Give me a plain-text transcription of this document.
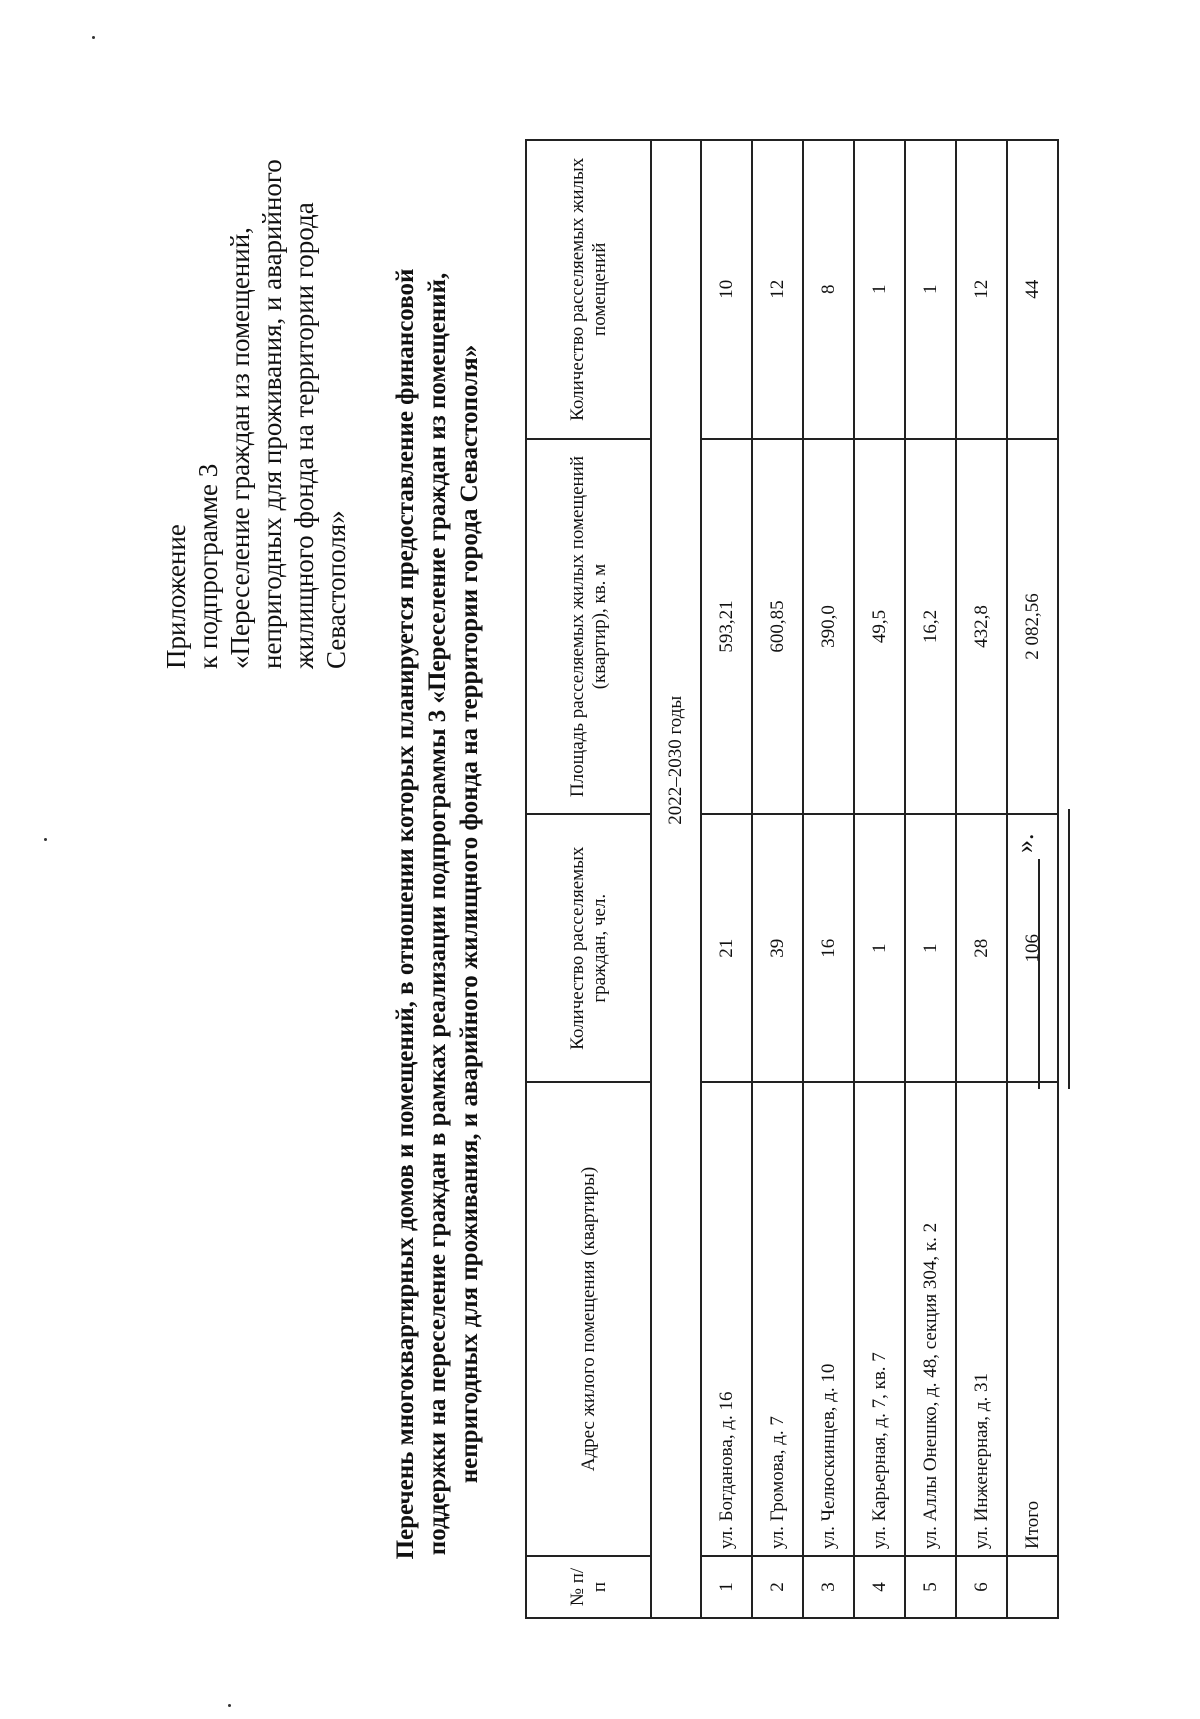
Приложение к подпрограмме 3 «Переселение граждан из помещений, непригодных для проживания, и аварийного жилищного фонда на территории города Севастополя» Перечень многоквартирных домов и помещений, в отношении которых планируется предоставление финансовой поддержки на переселение граждан в рамках реализации подпрограммы 3 «Переселение граждан из помещений, непригодных для проживания, и аварийного жилищного фонда на территории города Севастополя»
№ п/п	Адрес жилого помещения (квартиры)	Количество расселяемых граждан, чел.	Площадь расселяемых жилых помещений (квартир), кв. м	Количество расселяемых жилых помещений
		2022–2030 годы		
1	ул. Богданова, д. 16	21	593,21	10
2	ул. Громова, д. 7	39	600,85	12
3	ул. Челюскинцев, д. 10	16	390,0	8
4	ул. Карьерная, д. 7, кв. 7	1	49,5	1
5	ул. Аллы Онешко, д. 48, секция 304, к. 2	1	16,2	1
6	ул. Инженерная, д. 31	28	432,8	12
	Итого	106	2 082,56	44
».
